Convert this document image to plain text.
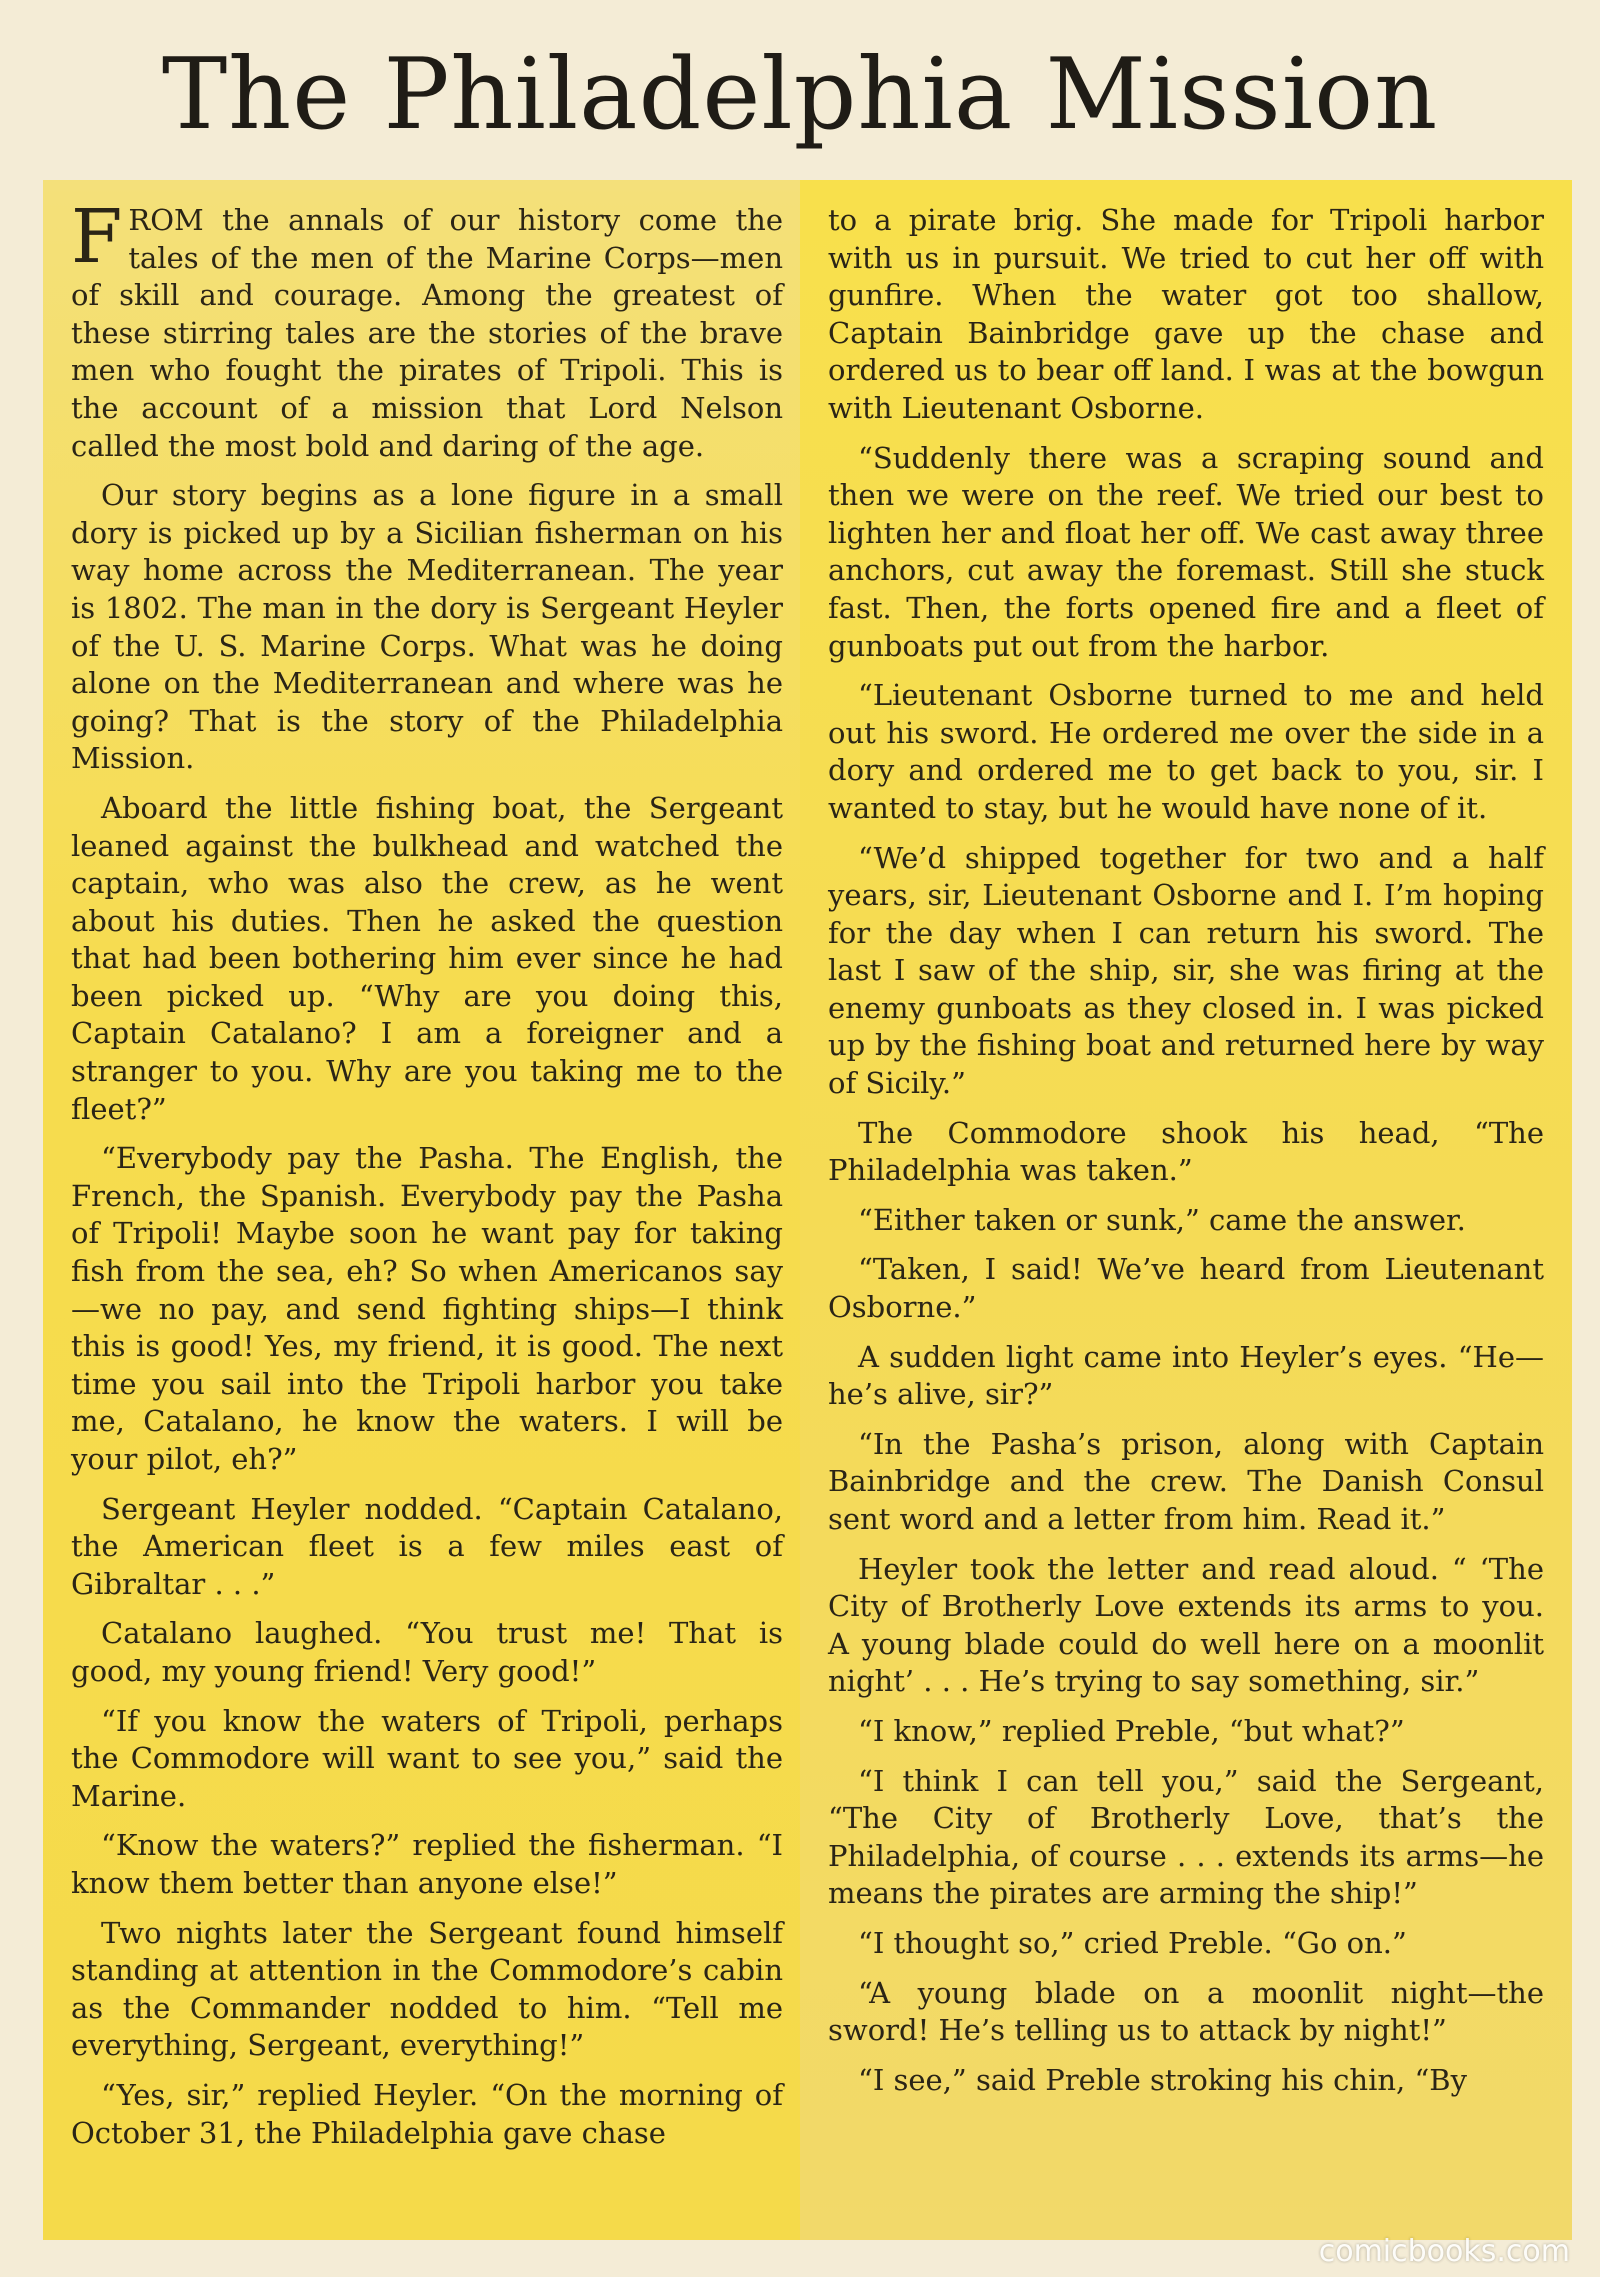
The Philadelphia Mission

FROM the annals of our history come the tales of the men of the Marine Corps—men of skill and courage. Among the greatest of these stirring tales are the stories of the brave men who fought the pirates of Tripoli. This is the account of a mission that Lord Nelson called the most bold and daring of the age.

Our story begins as a lone figure in a small dory is picked up by a Sicilian fisherman on his way home across the Mediterranean. The year is 1802. The man in the dory is Sergeant Heyler of the U. S. Marine Corps. What was he doing alone on the Mediterranean and where was he going? That is the story of the Philadelphia Mission.

Aboard the little fishing boat, the Sergeant leaned against the bulkhead and watched the captain, who was also the crew, as he went about his duties. Then he asked the question that had been bothering him ever since he had been picked up. “Why are you doing this, Captain Catalano? I am a foreigner and a stranger to you. Why are you taking me to the fleet?”

“Everybody pay the Pasha. The English, the French, the Spanish. Everybody pay the Pasha of Tripoli! Maybe soon he want pay for taking fish from the sea, eh? So when Americanos say—we no pay, and send fighting ships—I think this is good! Yes, my friend, it is good. The next time you sail into the Tripoli harbor you take me, Catalano, he know the waters. I will be your pilot, eh?”

Sergeant Heyler nodded. “Captain Catalano, the American fleet is a few miles east of Gibraltar . . .”

Catalano laughed. “You trust me! That is good, my young friend! Very good!”

“If you know the waters of Tripoli, perhaps the Commodore will want to see you,” said the Marine.

“Know the waters?” replied the fisherman. “I know them better than anyone else!”

Two nights later the Sergeant found himself standing at attention in the Commodore’s cabin as the Commander nodded to him. “Tell me everything, Sergeant, everything!”

“Yes, sir,” replied Heyler. “On the morning of October 31, the Philadelphia gave chase

to a pirate brig. She made for Tripoli harbor with us in pursuit. We tried to cut her off with gunfire. When the water got too shallow, Captain Bainbridge gave up the chase and ordered us to bear off land. I was at the bowgun with Lieutenant Osborne.

“Suddenly there was a scraping sound and then we were on the reef. We tried our best to lighten her and float her off. We cast away three anchors, cut away the foremast. Still she stuck fast. Then, the forts opened fire and a fleet of gunboats put out from the harbor.

“Lieutenant Osborne turned to me and held out his sword. He ordered me over the side in a dory and ordered me to get back to you, sir. I wanted to stay, but he would have none of it.

“We’d shipped together for two and a half years, sir, Lieutenant Osborne and I. I’m hoping for the day when I can return his sword. The last I saw of the ship, sir, she was firing at the enemy gunboats as they closed in. I was picked up by the fishing boat and returned here by way of Sicily.”

The Commodore shook his head, “The Philadelphia was taken.”

“Either taken or sunk,” came the answer.

“Taken, I said! We’ve heard from Lieutenant Osborne.”

A sudden light came into Heyler’s eyes. “He—he’s alive, sir?”

“In the Pasha’s prison, along with Captain Bainbridge and the crew. The Danish Consul sent word and a letter from him. Read it.”

Heyler took the letter and read aloud. “ ‘The City of Brotherly Love extends its arms to you. A young blade could do well here on a moonlit night’ . . . He’s trying to say something, sir.”

“I know,” replied Preble, “but what?”

“I think I can tell you,” said the Sergeant, “The City of Brotherly Love, that’s the Philadelphia, of course . . . extends its arms—he means the pirates are arming the ship!”

“I thought so,” cried Preble. “Go on.”

“A young blade on a moonlit night—the sword! He’s telling us to attack by night!”

“I see,” said Preble stroking his chin, “By

comicbooks.com
